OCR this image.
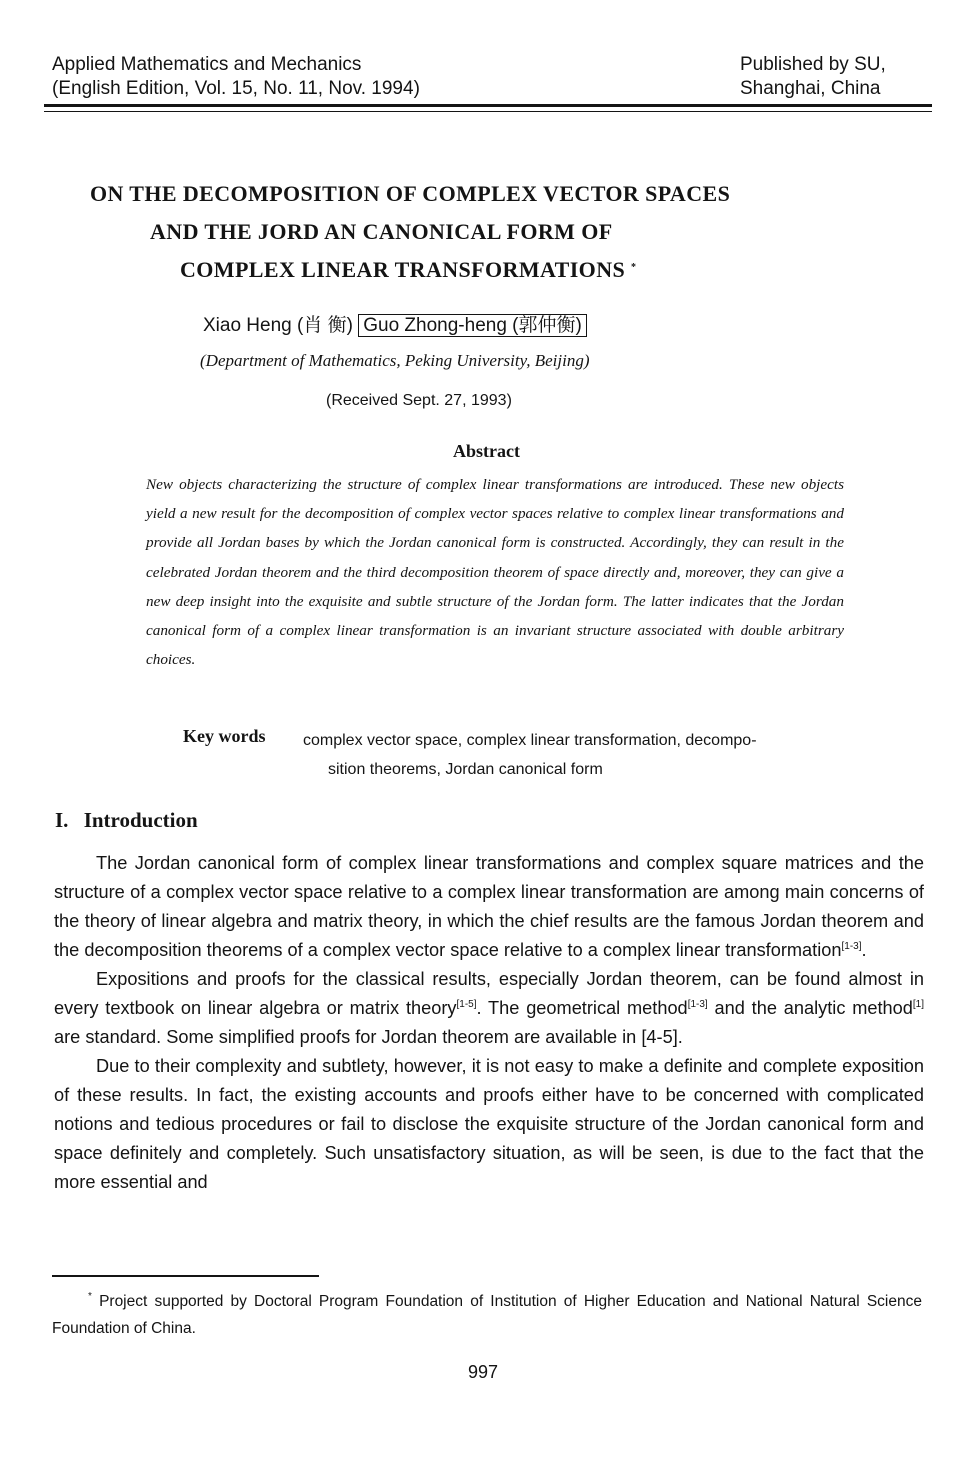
Applied Mathematics and Mechanics
(English Edition, Vol. 15, No. 11, Nov. 1994)
Published by SU,
Shanghai, China
ON THE DECOMPOSITION OF COMPLEX VECTOR SPACES
AND THE JORD AN CANONICAL FORM OF
COMPLEX LINEAR TRANSFORMATIONS *
Xiao Heng (肖 衡) Guo Zhong-heng (郭仲衡)
(Department of Mathematics, Peking University, Beijing)
(Received Sept. 27, 1993)
Abstract
New objects characterizing the structure of complex linear transformations are introduced. These new objects yield a new result for the decomposition of complex vector spaces relative to complex linear transformations and provide all Jordan bases by which the Jordan canonical form is constructed. Accordingly, they can result in the celebrated Jordan theorem and the third decomposition theorem of space directly and, moreover, they can give a new deep insight into the exquisite and subtle structure of the Jordan form. The latter indicates that the Jordan canonical form of a complex linear transformation is an invariant structure associated with double arbitrary choices.
Key words complex vector space, complex linear transformation, decompo-
sition theorems, Jordan canonical form
I. Introduction

The Jordan canonical form of complex linear transformations and complex square matrices and the structure of a complex vector space relative to a complex linear transformation are among main concerns of the theory of linear algebra and matrix theory, in which the chief results are the famous Jordan theorem and the decomposition theorems of a complex vector space relative to a complex linear transformation[1-3].

Expositions and proofs for the classical results, especially Jordan theorem, can be found almost in every textbook on linear algebra or matrix theory[1-5]. The geometrical method[1-3] and the analytic method[1] are standard. Some simplified proofs for Jordan theorem are available in [4-5].

Due to their complexity and subtlety, however, it is not easy to make a definite and complete exposition of these results. In fact, the existing accounts and proofs either have to be concerned with complicated notions and tedious procedures or fail to disclose the exquisite structure of the Jordan canonical form and space definitely and completely. Such unsatisfactory situation, as will be seen, is due to the fact that the more essential and

* Project supported by Doctoral Program Foundation of Institution of Higher Education and National Natural Science Foundation of China.

997
